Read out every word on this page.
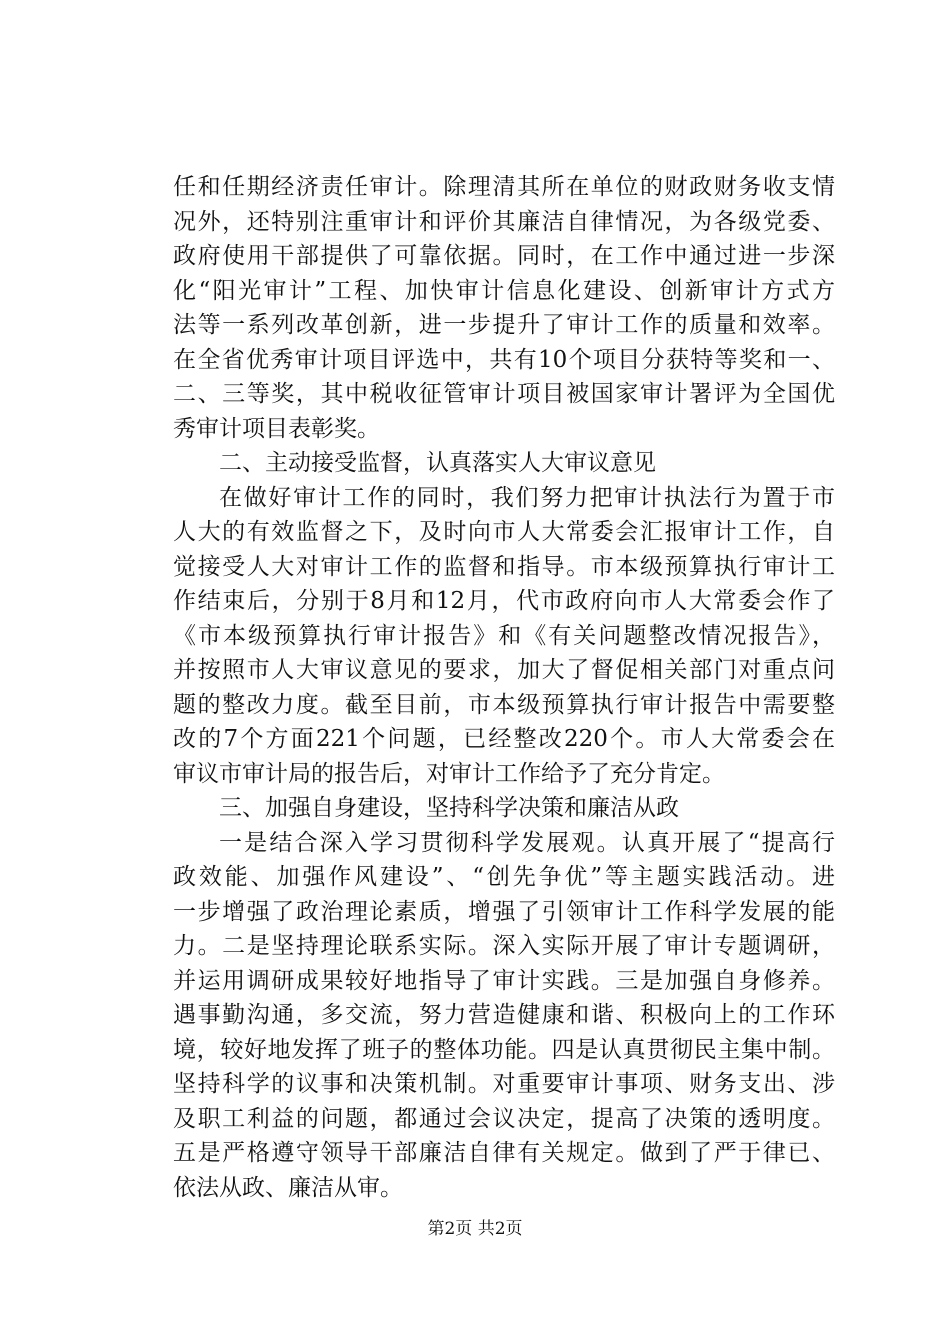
任和任期经济责任审计。除理清其所在单位的财政财务收支情
况外，还特别注重审计和评价其廉洁自律情况，为各级党委、
政府使用干部提供了可靠依据。同时，在工作中通过进一步深
化“阳光审计”工程、加快审计信息化建设、创新审计方式方
法等一系列改革创新，进一步提升了审计工作的质量和效率。
在全省优秀审计项目评选中，共有10个项目分获特等奖和一、
二、三等奖，其中税收征管审计项目被国家审计署评为全国优
秀审计项目表彰奖。
二、主动接受监督，认真落实人大审议意见
在做好审计工作的同时，我们努力把审计执法行为置于市
人大的有效监督之下，及时向市人大常委会汇报审计工作，自
觉接受人大对审计工作的监督和指导。市本级预算执行审计工
作结束后，分别于8月和12月，代市政府向市人大常委会作了
《市本级预算执行审计报告》和《有关问题整改情况报告》，
并按照市人大审议意见的要求，加大了督促相关部门对重点问
题的整改力度。截至目前，市本级预算执行审计报告中需要整
改的7个方面221个问题，已经整改220个。市人大常委会在
审议市审计局的报告后，对审计工作给予了充分肯定。
三、加强自身建设，坚持科学决策和廉洁从政
一是结合深入学习贯彻科学发展观。认真开展了“提高行
政效能、加强作风建设”、“创先争优”等主题实践活动。进
一步增强了政治理论素质，增强了引领审计工作科学发展的能
力。二是坚持理论联系实际。深入实际开展了审计专题调研，
并运用调研成果较好地指导了审计实践。三是加强自身修养。
遇事勤沟通，多交流，努力营造健康和谐、积极向上的工作环
境，较好地发挥了班子的整体功能。四是认真贯彻民主集中制。
坚持科学的议事和决策机制。对重要审计事项、财务支出、涉
及职工利益的问题，都通过会议决定，提高了决策的透明度。
五是严格遵守领导干部廉洁自律有关规定。做到了严于律已、
依法从政、廉洁从审。
第2页 共2页
